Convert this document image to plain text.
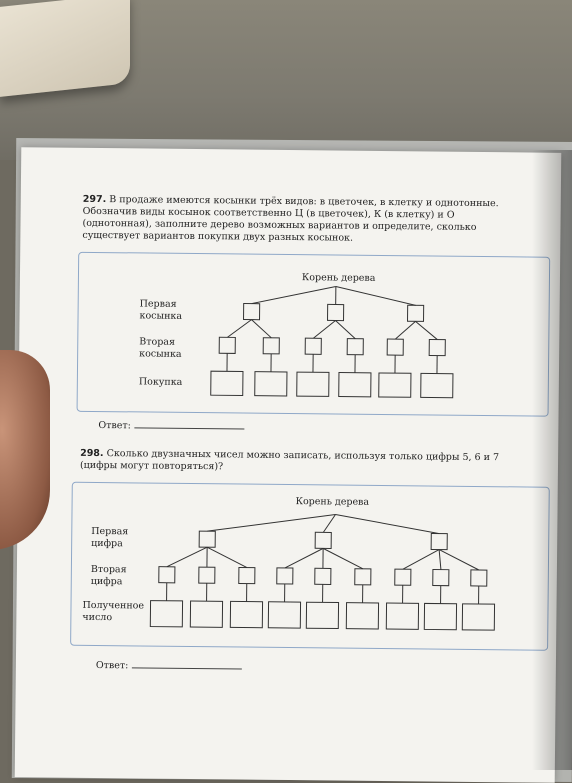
297. В продаже имеются косынки трёх видов: в цветочек, в клетку и однотонные. Обозначив виды косынок соответственно Ц (в цветочек), К (в клетку) и О (однотонная), заполните дерево возможных вариантов и определите, сколько существует вариантов покупки двух разных косынок.
Корень дерева
Первая косынка
Вторая косынка
Покупка
Ответ:
298. Сколько двузначных чисел можно записать, используя только цифры 5, 6 и 7 (цифры могут повторяться)?
Корень дерева
Первая цифра
Вторая цифра
Полученное число
Ответ:
